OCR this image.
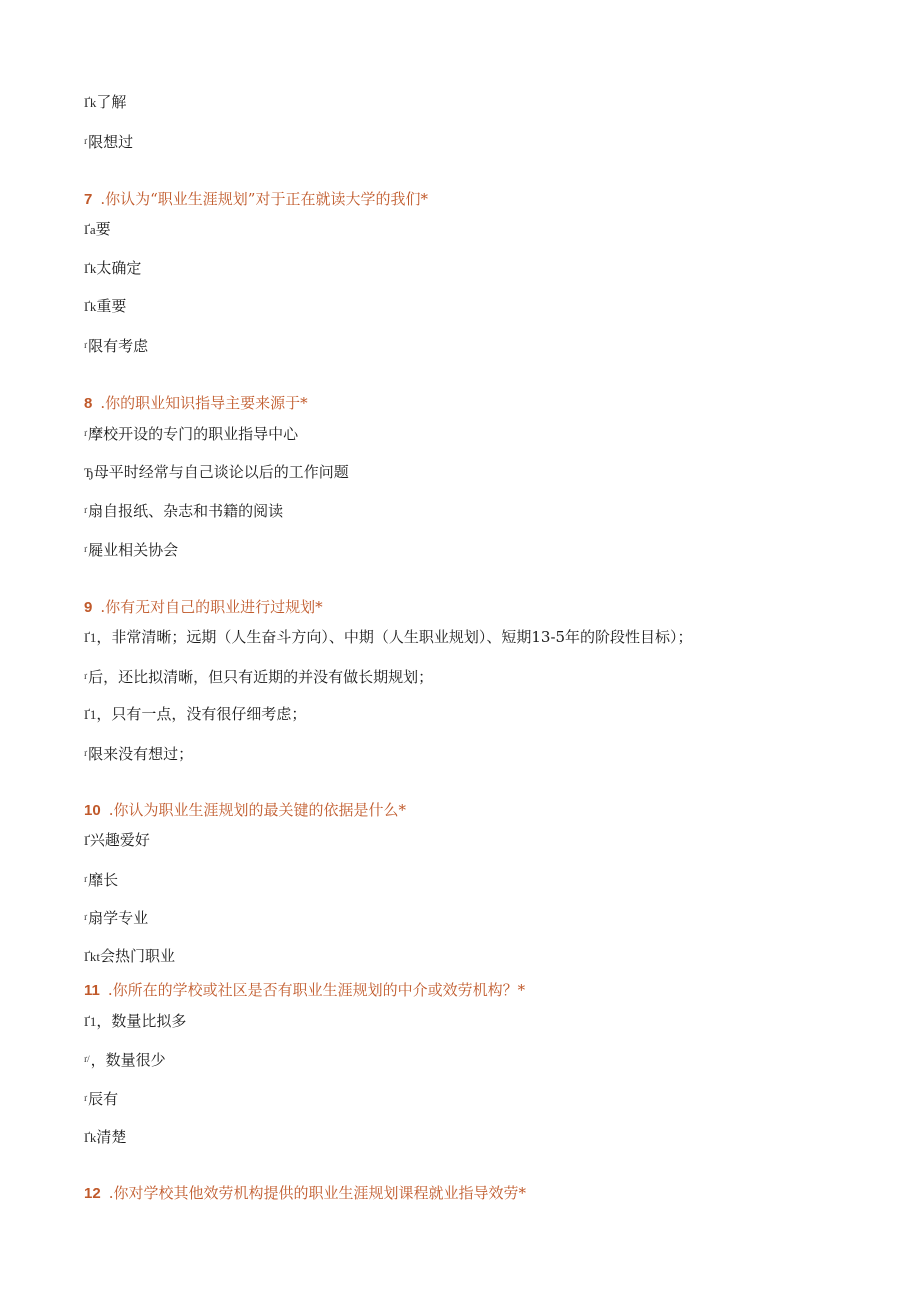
Ґk了解
$^ґ$限想过
7 .你认为“职业生涯规划”对于正在就读大学的我们*
Ґa要
Ґk太确定
Ґk重要
$^ґ$限有考虑
8 .你的职业知识指导主要来源于*
$^ґ$摩校开设的专门的职业指导中心
Ђ母平时经常与自己谈论以后的工作问题
$^ґ$扇自报纸、杂志和书籍的阅读
$^ґ$屣业相关协会
9 .你有无对自己的职业进行过规划*
Ґ1，非常清晰；远期（人生奋斗方向）、中期（人生职业规划）、短期13-5年的阶段性目标）；
$^ґ$后，还比拟清晰，但只有近期的并没有做长期规划；
Ґ1，只有一点，没有很仔细考虑；
$^ґ$限来没有想过；
10 .你认为职业生涯规划的最关键的依据是什么*
Ґ兴趣爱好
$^ґ$靡长
$^ґ$扇学专业
Ґkt会热门职业
11 .你所在的学校或社区是否有职业生涯规划的中介或效劳机构？*
Ґ1，数量比拟多
$^{ґ/}$，数量很少
$^ґ$辰有
Ґk清楚
12 .你对学校其他效劳机构提供的职业生涯规划课程就业指导效劳*
